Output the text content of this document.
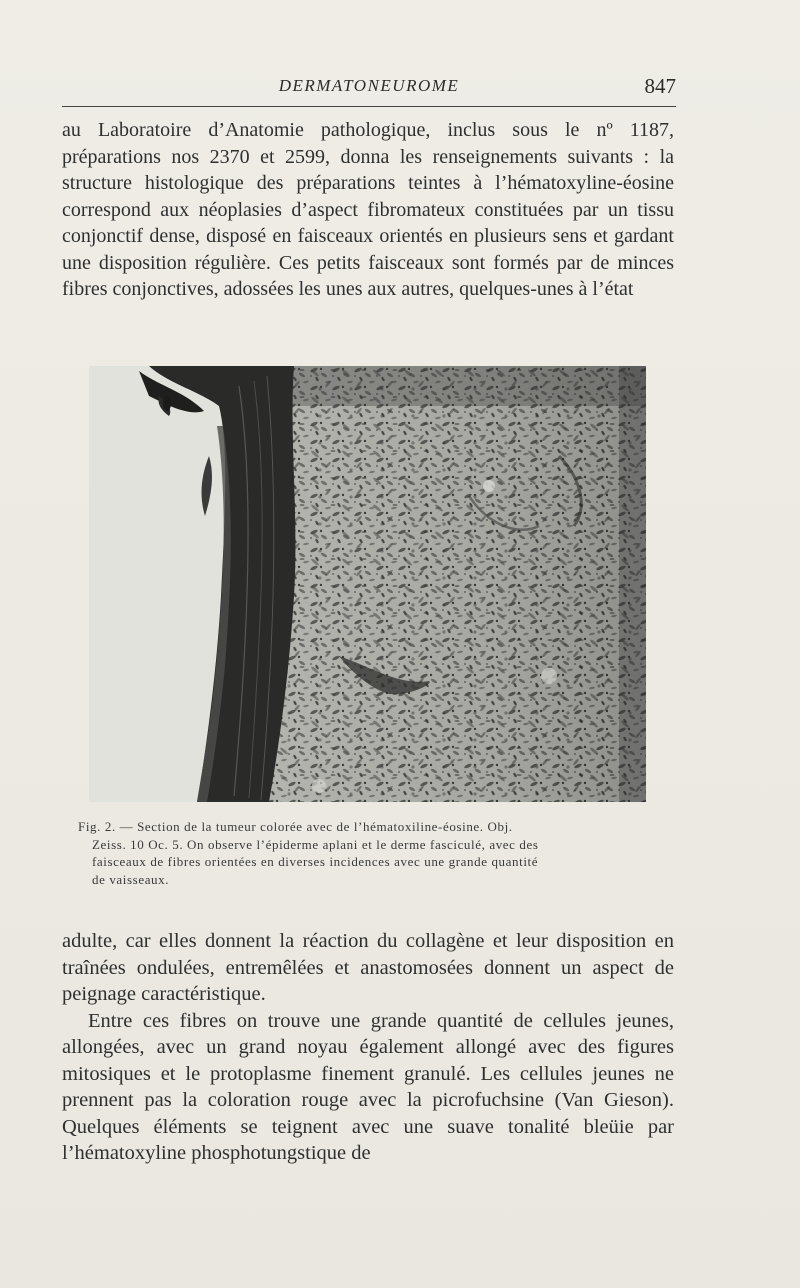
DERMATONEUROME	847

au Laboratoire d’Anatomie pathologique, inclus sous le nº 1187, préparations nos 2370 et 2599, donna les renseignements suivants : la structure histologique des préparations teintes à l’hématoxyline-éosine correspond aux néoplasies d’aspect fibromateux constituées par un tissu conjonctif dense, disposé en faisceaux orientés en plusieurs sens et gardant une disposition régulière. Ces petits faisceaux sont formés par de minces fibres conjonctives, adossées les unes aux autres, quelques-unes à l’état

Fig. 2. — Section de la tumeur colorée avec de l’hématoxiline-éosine. Obj.
Zeiss. 10 Oc. 5. On observe l’épiderme aplani et le derme fasciculé, avec des
faisceaux de fibres orientées en diverses incidences avec une grande quantité
de vaisseaux.

adulte, car elles donnent la réaction du collagène et leur disposition en traînées ondulées, entremêlées et anastomosées donnent un aspect de peignage caractéristique.

Entre ces fibres on trouve une grande quantité de cellules jeunes, allongées, avec un grand noyau également allongé avec des figures mitosiques et le protoplasme finement granulé. Les cellules jeunes ne prennent pas la coloration rouge avec la picrofuchsine (Van Gieson). Quelques éléments se teignent avec une suave tonalité bleüie par l’hématoxyline phosphotungstique de
